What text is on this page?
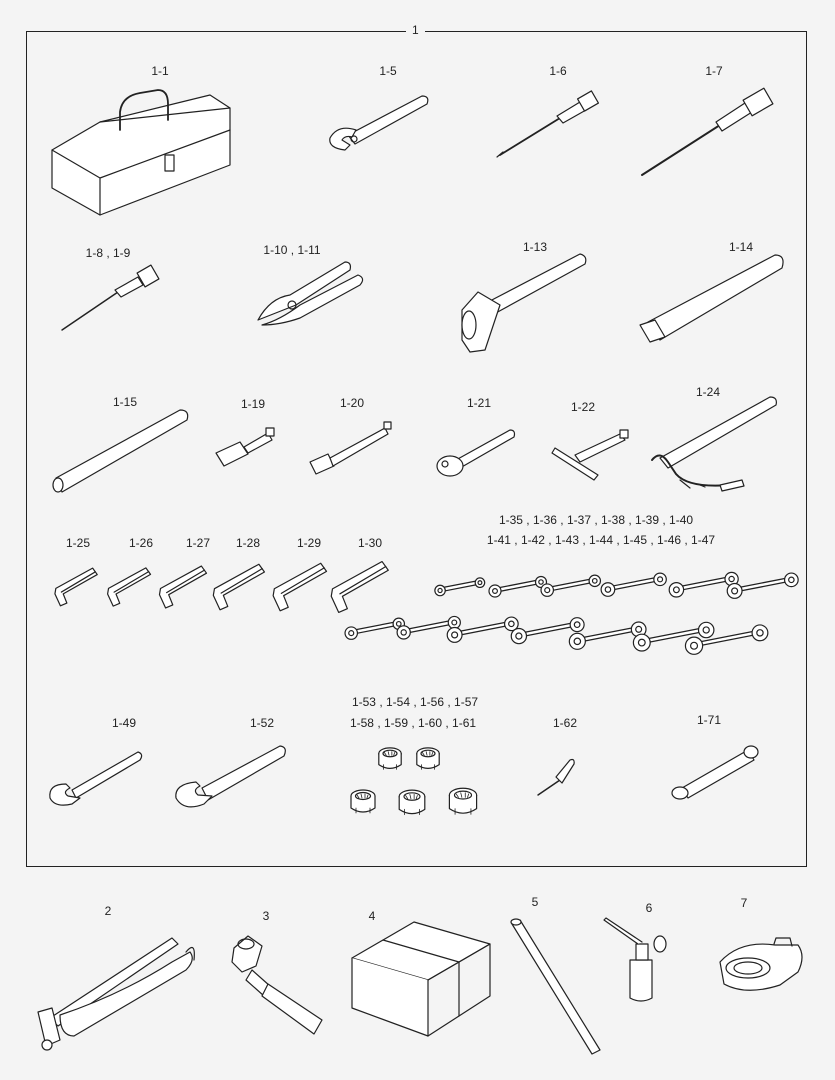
1
1-1	1-5	1-6	1-7
1-8 , 1-9	1-10 , 1-11	1-13	1-14
1-15	1-19	1-20	1-21	1-22
1-24
1-25	1-26	1-27 1-28	1-29	1-30
1-35 , 1-36 , 1-37 , 1-38 , 1-39 , 1-40
1-41 , 1-42 , 1-43 , 1-44 , 1-45 , 1-46 , 1-47
1-49	1-52
1-53 , 1-54 , 1-56 , 1-57
1-58 , 1-59 , 1-60 , 1-61	1-62	1-71
2	3	4
5	6	7
